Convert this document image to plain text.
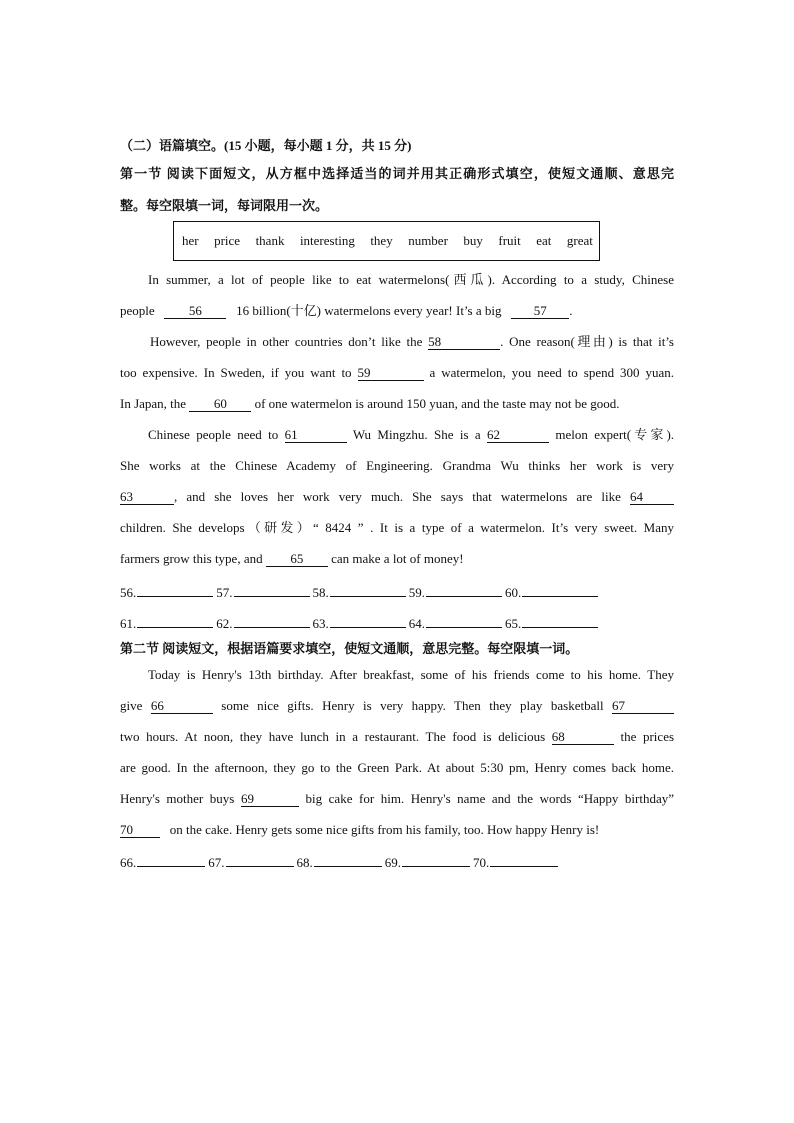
（二）语篇填空。(15 小题，每小题 1 分，共 15 分)
第一节 阅读下面短文，从方框中选择适当的词并用其正确形式填空，使短文通顺、意思完
整。每空限填一词，每词限用一次。
her price thank interesting they number buy fruit eat great
In summer, a lot of people like to eat watermelons(西瓜). According to a study, Chinese
people	56	16 billion(十亿) watermelons every year! It’s a big 57 .
However, people in other countries don’t like the 58	. One reason(理由) is that it’s
too expensive. In Sweden, if you want to 59	a watermelon, you need to spend 300 yuan.
In Japan, the 60 of one watermelon is around 150 yuan, and the taste may not be good.
Chinese people need to 61	Wu Mingzhu. She is a 62	melon expert(专家).
She works at the Chinese Academy of Engineering. Grandma Wu thinks her work is very
63	, and she loves her work very much. She says that watermelons are like 64
children. She develops（研发）“ 8424 ” . It is a type of a watermelon. It’s very sweet. Many
farmers grow this type, and 65 can make a lot of money!
56.	57.	58.	59.	60.
61.	62.	63.	64.	65.
第二节 阅读短文，根据语篇要求填空，使短文通顺，意思完整。每空限填一词。
Today is Henry's 13th birthday. After breakfast, some of his friends come to his home. They
give 66	some nice gifts. Henry is very happy. Then they play basketball 67
two hours. At noon, they have lunch in a restaurant. The food is delicious 68	the prices
are good. In the afternoon, they go to the Green Park. At about 5:30 pm, Henry comes back home.
Henry's mother buys 69	big cake for him. Henry's name and the words “Happy birthday”
70	on the cake. Henry gets some nice gifts from his family, too. How happy Henry is!
66.	67.	68.	69.	70.
